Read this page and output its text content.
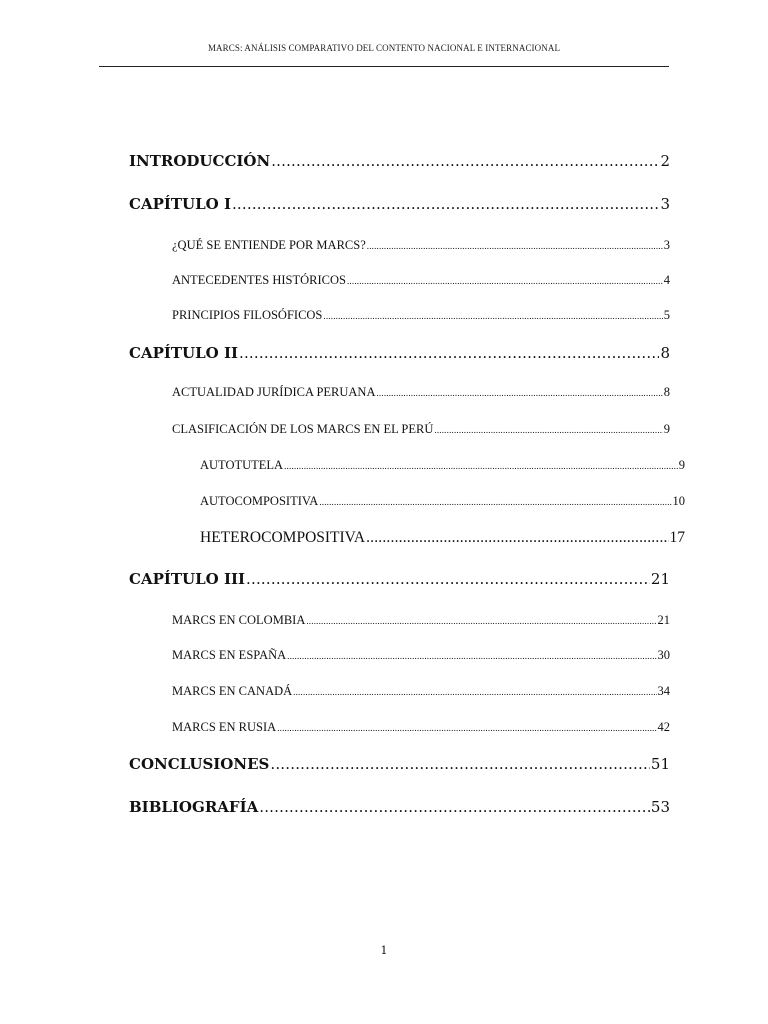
MARCS: ANÁLISIS COMPARATIVO DEL CONTENTO NACIONAL E INTERNACIONAL
INTRODUCCIÓN .....	2
CAPÍTULO I .....	3
¿QUÉ SE ENTIENDE POR MARCS? .....	3
ANTECEDENTES HISTÓRICOS .....	4
PRINCIPIOS FILOSÓFICOS .....	5
CAPÍTULO II .....	8
ACTUALIDAD JURÍDICA PERUANA .....	8
CLASIFICACIÓN DE LOS MARCS EN EL PERÚ .....	9
AUTOTUTELA .....	9
AUTOCOMPOSITIVA .....	10
HETEROCOMPOSITIVA .....	17
CAPÍTULO III .....	21
MARCS EN COLOMBIA .....	21
MARCS EN ESPAÑA .....	30
MARCS EN CANADÁ .....	34
MARCS EN RUSIA .....	42
CONCLUSIONES .....	51
BIBLIOGRAFÍA .....	53
1
